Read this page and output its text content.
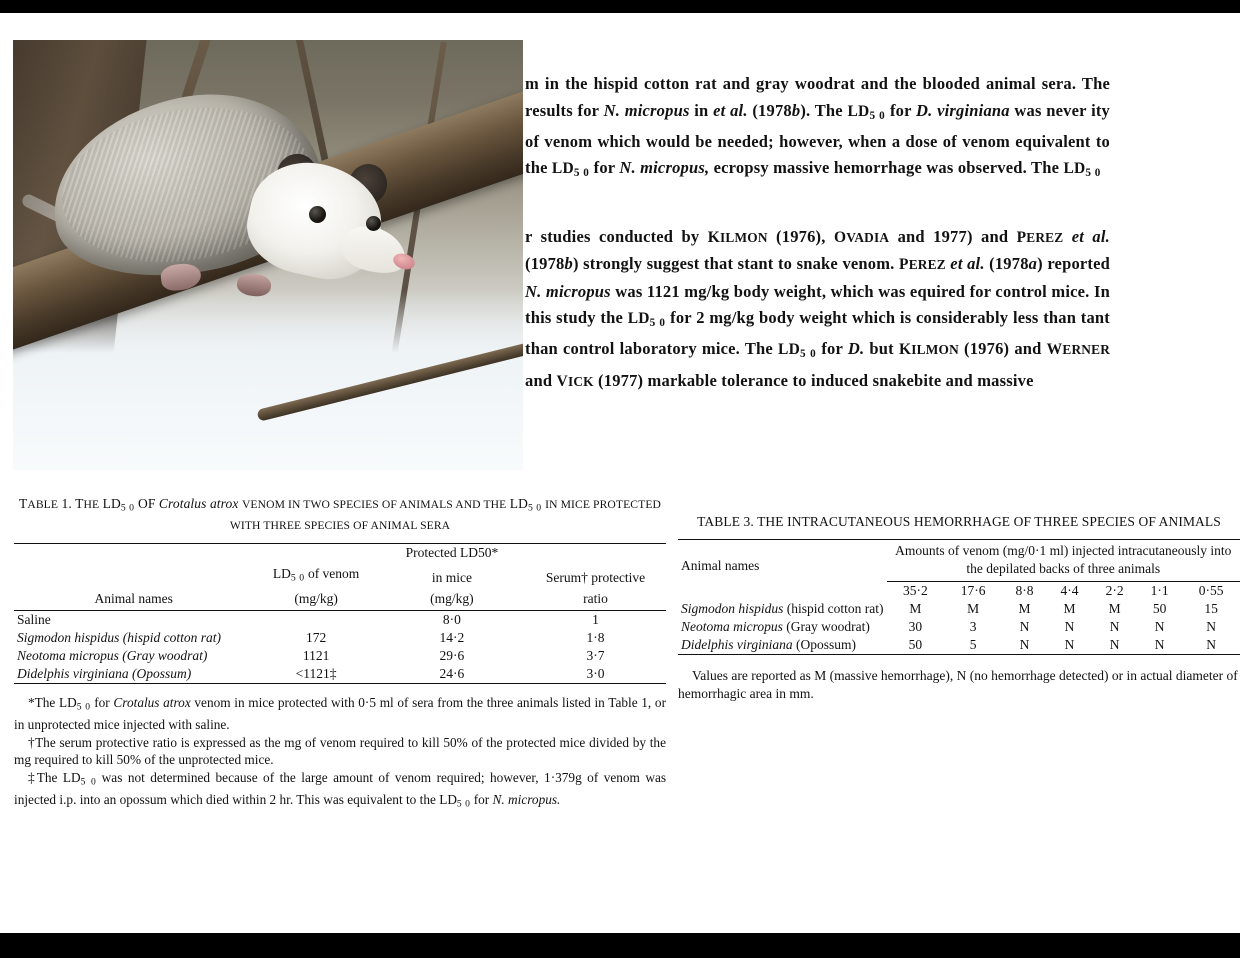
m in the hispid cotton rat and gray woodrat and the blooded animal sera. The results for N. micropus in et al. (1978b). The $LD_{5 0}$ for D. virginiana was never ity of venom which would be needed; however, when a dose of venom equivalent to the $LD_{5 0}$ for N. micropus, ecropsy massive hemorrhage was observed. The $LD_{5 0}$

r studies conducted by KILMON (1976), OVADIA and 1977) and PEREZ et al. (1978b) strongly suggest that stant to snake venom. PEREZ et al. (1978a) reported N. micropus was 1121 mg/kg body weight, which was equired for control mice. In this study the $LD_{5 0}$ for 2 mg/kg body weight which is considerably less than tant than control laboratory mice. The $LD_{5 0}$ for D. but KILMON (1976) and WERNER and VICK (1977) markable tolerance to induced snakebite and massive

TABLE 1. THE $LD_{5 0}$ OF Crotalus atrox VENOM IN TWO SPECIES OF ANIMALS AND THE $LD_{5 0}$ IN MICE PROTECTED WITH THREE SPECIES OF ANIMAL SERA
		Protected LD50*	
	$LD_{5 0}$ of venom	in mice	Serum† protective
Animal names	(mg/kg)	(mg/kg)	ratio
Saline		8·0	1
Sigmodon hispidus (hispid cotton rat)	172	14·2	1·8
Neotoma micropus (Gray woodrat)	1121	29·6	3·7
Didelphis virginiana (Opossum)	<1121‡	24·6	3·0

*The $LD_{5 0}$ for Crotalus atrox venom in mice protected with 0·5 ml of sera from the three animals listed in Table 1, or in unprotected mice injected with saline.

†The serum protective ratio is expressed as the mg of venom required to kill 50% of the protected mice divided by the mg required to kill 50% of the unprotected mice.

‡The $LD_{5 0}$ was not determined because of the large amount of venom required; however, 1·379g of venom was injected i.p. into an opossum which died within 2 hr. This was equivalent to the $LD_{5 0}$ for N. micropus.

TABLE 3. THE INTRACUTANEOUS HEMORRHAGE OF THREE SPECIES OF ANIMALS
Animal names	Amounts of venom (mg/0·1 ml) injected intracutaneously into						
	the depilated backs of three animals						
	35·2	17·6	8·8	4·4	2·2	1·1	0·55
Sigmodon hispidus (hispid cotton rat)	M	M	M	M	M	50	15
Neotoma micropus (Gray woodrat)	30	3	N	N	N	N	N
Didelphis virginiana (Opossum)	50	5	N	N	N	N	N

Values are reported as M (massive hemorrhage), N (no hemorrhage detected) or in actual diameter of hemorrhagic area in mm.
